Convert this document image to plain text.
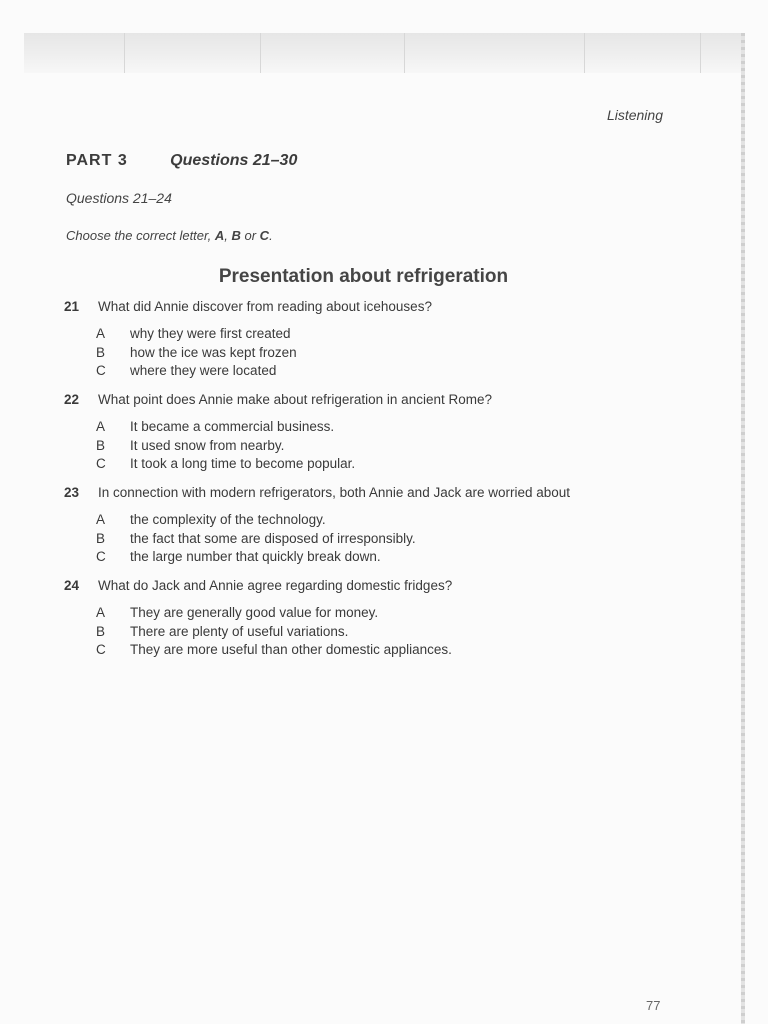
Listening
PART 3	Questions 21–30
Questions 21–24
Choose the correct letter, A, B or C.
Presentation about refrigeration
21	What did Annie discover from reading about icehouses?
A	why they were first created
B	how the ice was kept frozen
C	where they were located
22	What point does Annie make about refrigeration in ancient Rome?
A	It became a commercial business.
B	It used snow from nearby.
C	It took a long time to become popular.
23	In connection with modern refrigerators, both Annie and Jack are worried about
A	the complexity of the technology.
B	the fact that some are disposed of irresponsibly.
C	the large number that quickly break down.
24	What do Jack and Annie agree regarding domestic fridges?
A	They are generally good value for money.
B	There are plenty of useful variations.
C	They are more useful than other domestic appliances.
77
